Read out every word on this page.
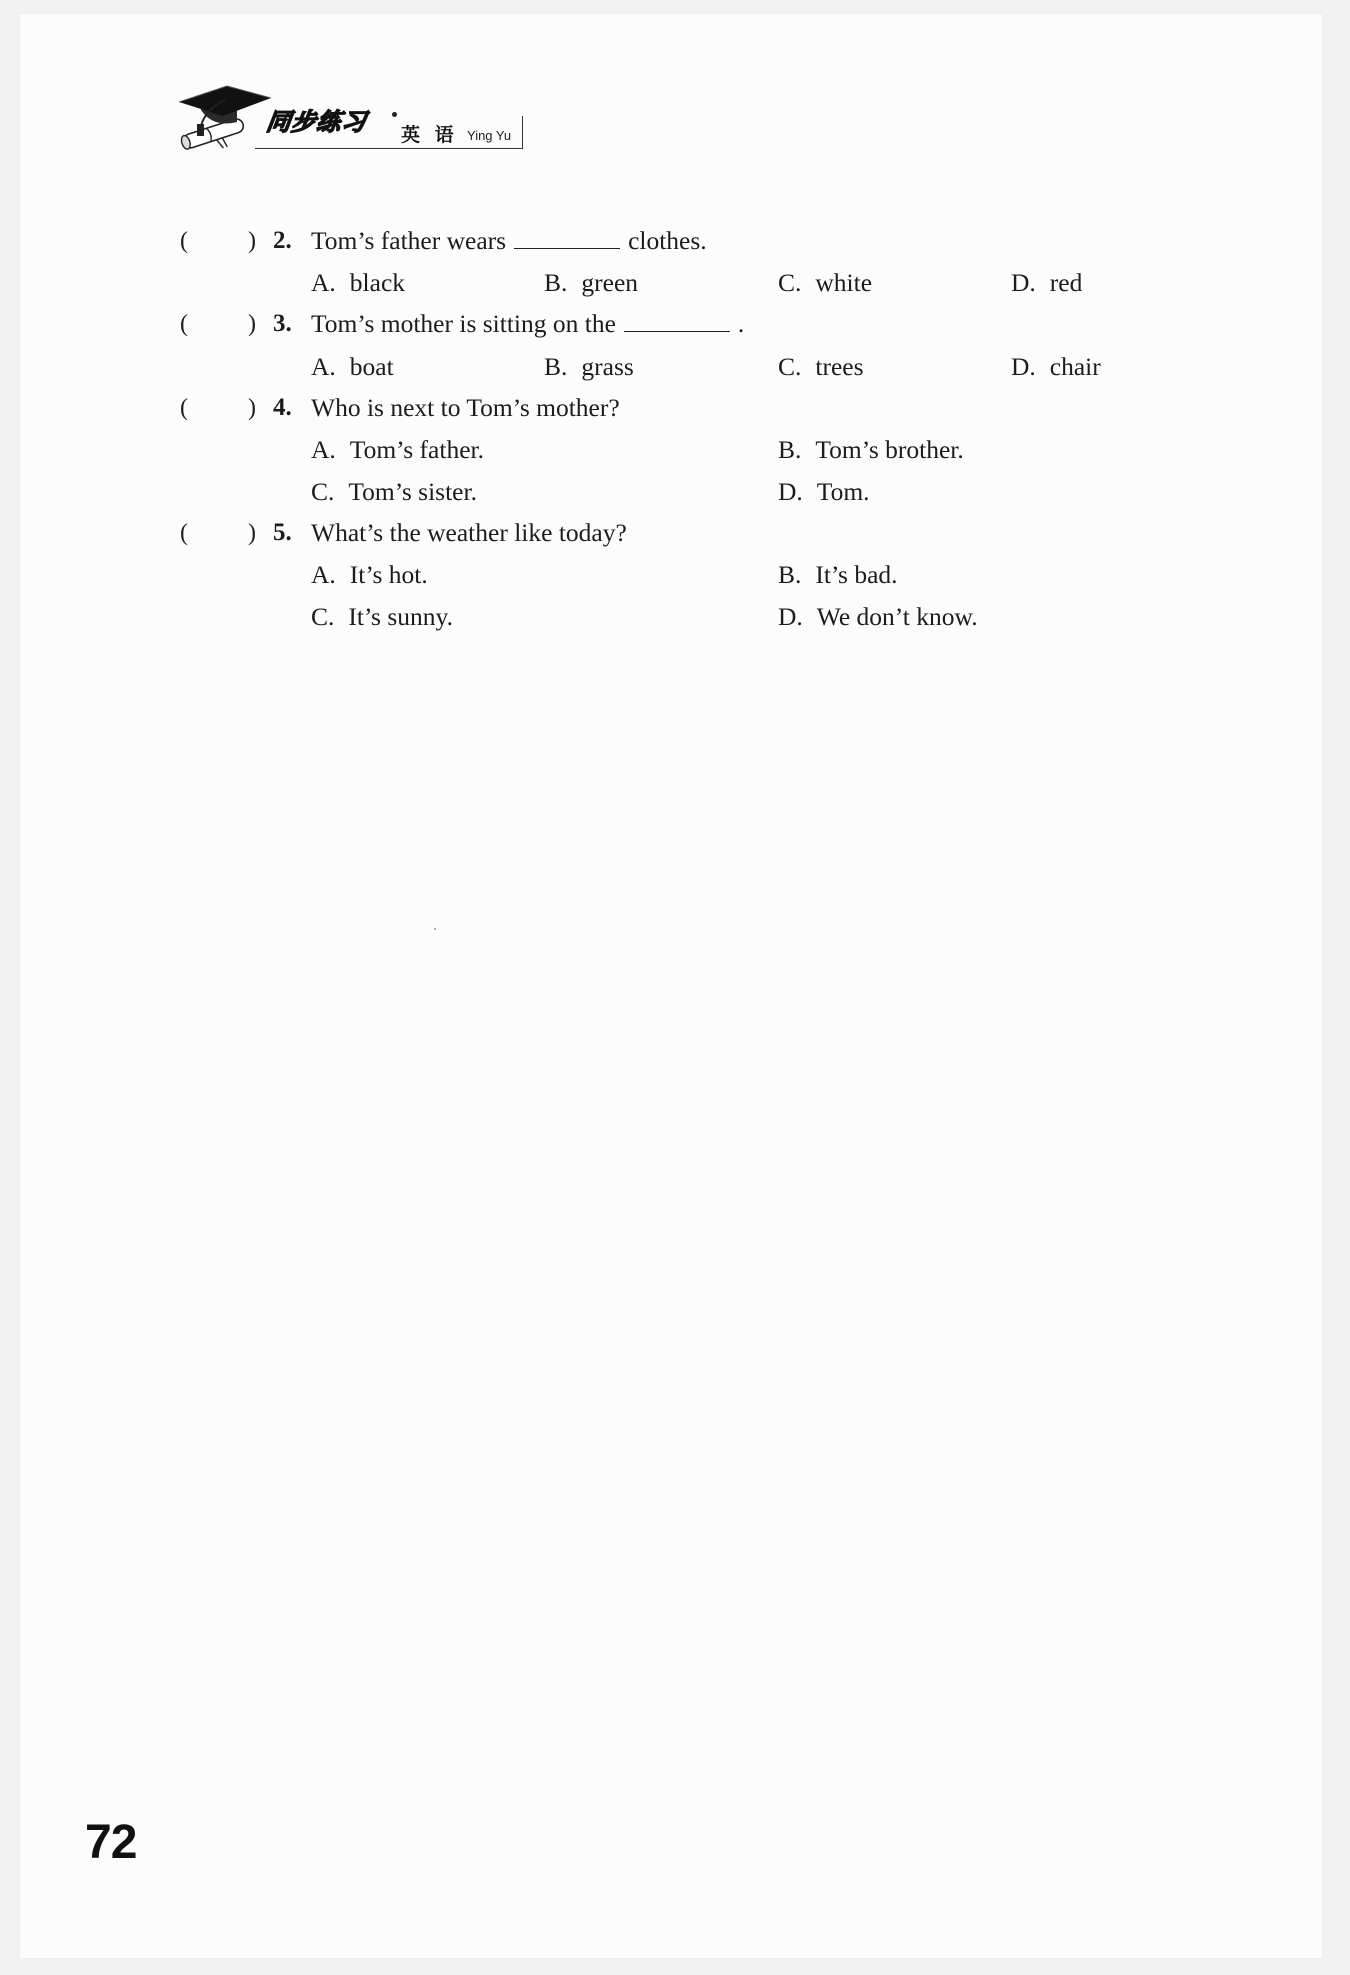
同步练习 英 语 Ying Yu
(	) 2. Tom’s father wears	clothes.
A. black	B. green	C. white	D. red
(	) 3. Tom’s mother is sitting on the	.
A. boat	B. grass	C. trees	D. chair
(	) 4. Who is next to Tom’s mother?
A. Tom’s father.	B. Tom’s brother.
C. Tom’s sister.	D. Tom.
(	) 5. What’s the weather like today?
A. It’s hot.	B. It’s bad.
C. It’s sunny.	D. We don’t know.
72
